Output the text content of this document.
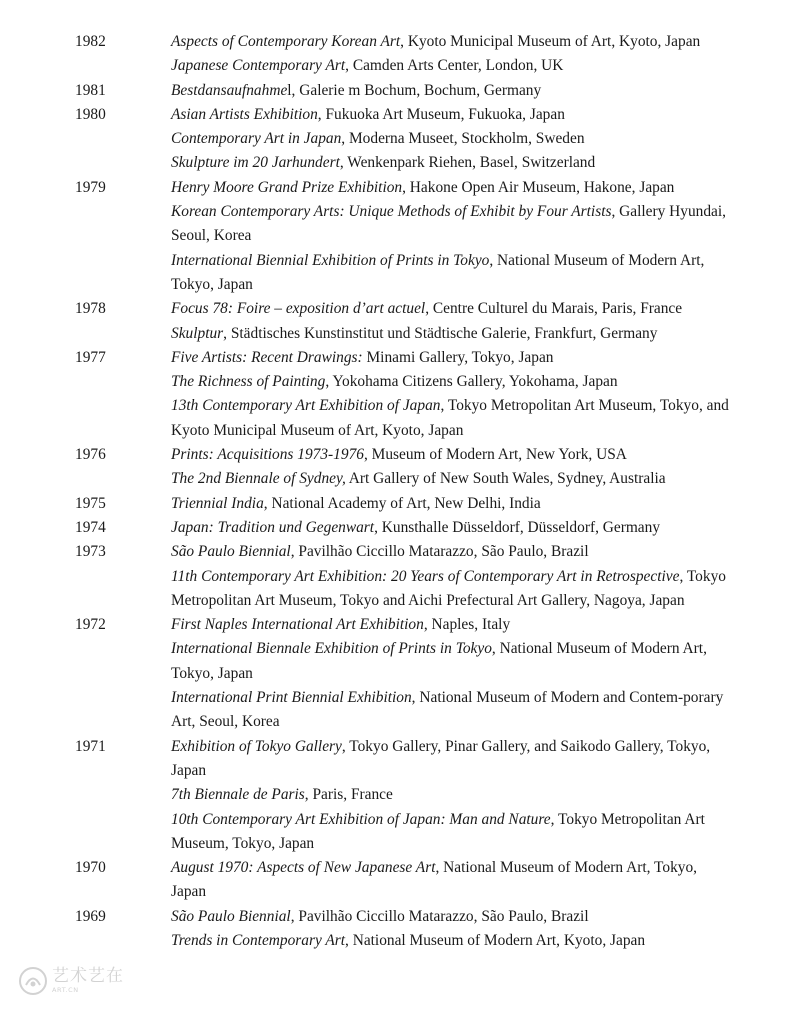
1982	Aspects of Contemporary Korean Art, Kyoto Municipal Museum of Art, Kyoto, Japan

Japanese Contemporary Art, Camden Arts Center, London, UK

1981	Bestdansaufnahmel, Galerie m Bochum, Bochum, Germany

1980	Asian Artists Exhibition, Fukuoka Art Museum, Fukuoka, Japan

Contemporary Art in Japan, Moderna Museet, Stockholm, Sweden

Skulpture im 20 Jarhundert, Wenkenpark Riehen, Basel, Switzerland

1979	Henry Moore Grand Prize Exhibition, Hakone Open Air Museum, Hakone, Japan

Korean Contemporary Arts: Unique Methods of Exhibit by Four Artists, Gallery Hyundai, Seoul, Korea

International Biennial Exhibition of Prints in Tokyo, National Museum of Modern Art, Tokyo, Japan

1978	Focus 78: Foire – exposition d’art actuel, Centre Culturel du Marais, Paris, France

Skulptur, Städtisches Kunstinstitut und Städtische Galerie, Frankfurt, Germany

1977	Five Artists: Recent Drawings: Minami Gallery, Tokyo, Japan

The Richness of Painting, Yokohama Citizens Gallery, Yokohama, Japan

13th Contemporary Art Exhibition of Japan, Tokyo Metropolitan Art Museum, Tokyo, and Kyoto Municipal Museum of Art, Kyoto, Japan

1976	Prints: Acquisitions 1973-1976, Museum of Modern Art, New York, USA

The 2nd Biennale of Sydney, Art Gallery of New South Wales, Sydney, Australia

1975	Triennial India, National Academy of Art, New Delhi, India

1974	Japan: Tradition und Gegenwart, Kunsthalle Düsseldorf, Düsseldorf, Germany

1973	São Paulo Biennial, Pavilhão Ciccillo Matarazzo, São Paulo, Brazil

11th Contemporary Art Exhibition: 20 Years of Contemporary Art in Retrospective, Tokyo Metropolitan Art Museum, Tokyo and Aichi Prefectural Art Gallery, Nagoya, Japan

1972	First Naples International Art Exhibition, Naples, Italy

International Biennale Exhibition of Prints in Tokyo, National Museum of Modern Art, Tokyo, Japan

International Print Biennial Exhibition, National Museum of Modern and Contem-porary Art, Seoul, Korea

1971	Exhibition of Tokyo Gallery, Tokyo Gallery, Pinar Gallery, and Saikodo Gallery, Tokyo, Japan

7th Biennale de Paris, Paris, France

10th Contemporary Art Exhibition of Japan: Man and Nature, Tokyo Metropolitan Art Museum, Tokyo, Japan

1970	August 1970: Aspects of New Japanese Art, National Museum of Modern Art, Tokyo, Japan

1969	São Paulo Biennial, Pavilhão Ciccillo Matarazzo, São Paulo, Brazil

Trends in Contemporary Art, National Museum of Modern Art, Kyoto, Japan

艺术艺在
ART.CN
